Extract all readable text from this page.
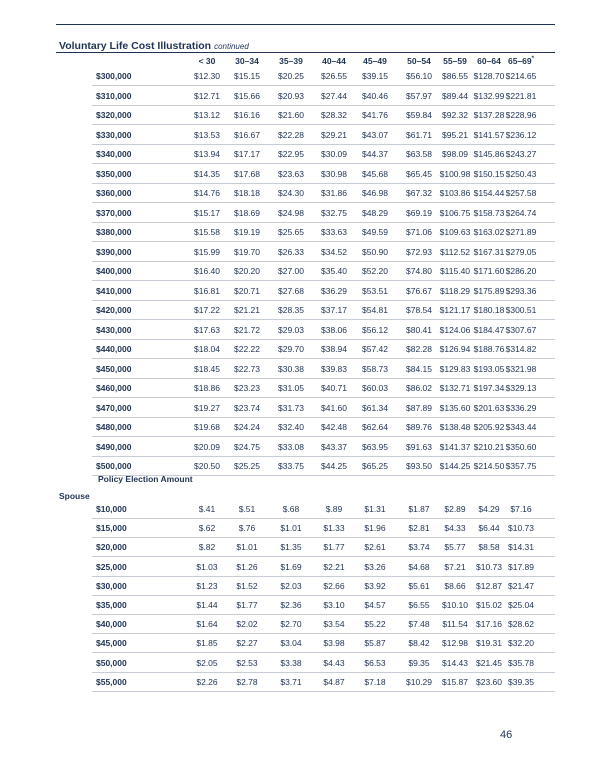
Voluntary Life Cost Illustration continued
< 30	30–34	35–39	40–44	45–49	50–54	55–59	60–64 65–69*
$300,000	$12.30	$15.15	$20.25	$26.55	$39.15	$56.10	$86.55 $128.70 $214.65
$310,000	$12.71	$15.66	$20.93	$27.44	$40.46	$57.97	$89.44 $132.99 $221.81
$320,000	$13.12	$16.16	$21.60	$28.32	$41.76	$59.84	$92.32 $137.28 $228.96
$330,000	$13.53	$16.67	$22.28	$29.21	$43.07	$61.71	$95.21 $141.57 $236.12
$340,000	$13.94	$17.17	$22.95	$30.09	$44.37	$63.58	$98.09 $145.86 $243.27
$350,000	$14.35	$17.68	$23.63	$30.98	$45.68	$65.45 $100.98 $150.15 $250.43
$360,000	$14.76	$18.18	$24.30	$31.86	$46.98	$67.32 $103.86 $154.44 $257.58
$370,000	$15.17	$18.69	$24.98	$32.75	$48.29	$69.19 $106.75 $158.73 $264.74
$380,000	$15.58	$19.19	$25.65	$33.63	$49.59	$71.06 $109.63 $163.02 $271.89
$390,000	$15.99	$19.70	$26.33	$34.52	$50.90	$72.93 $112.52 $167.31 $279.05
$400,000	$16.40	$20.20	$27.00	$35.40	$52.20	$74.80 $115.40 $171.60 $286.20
$410,000	$16.81	$20.71	$27.68	$36.29	$53.51	$76.67 $118.29 $175.89 $293.36
$420,000	$17.22	$21.21	$28.35	$37.17	$54.81	$78.54 $121.17 $180.18 $300.51
$430,000	$17.63	$21.72	$29.03	$38.06	$56.12	$80.41 $124.06 $184.47 $307.67
$440,000	$18.04	$22.22	$29.70	$38.94	$57.42	$82.28 $126.94 $188.76 $314.82
$450,000	$18.45	$22.73	$30.38	$39.83	$58.73	$84.15 $129.83 $193.05 $321.98
$460,000	$18.86	$23.23	$31.05	$40.71	$60.03	$86.02 $132.71 $197.34 $329.13
$470,000	$19.27	$23.74	$31.73	$41.60	$61.34	$87.89 $135.60 $201.63 $336.29
$480,000	$19.68	$24.24	$32.40	$42.48	$62.64	$89.76 $138.48 $205.92 $343.44
$490,000	$20.09	$24.75	$33.08	$43.37	$63.95	$91.63 $141.37 $210.21 $350.60
$500,000	$20.50	$25.25	$33.75	$44.25	$65.25	$93.50 $144.25 $214.50 $357.75
Policy Election Amount
Spouse
$10,000	$.41	$.51	$.68	$.89	$1.31	$1.87	$2.89	$4.29	$7.16
$15,000	$.62	$.76	$1.01	$1.33	$1.96	$2.81	$4.33	$6.44 $10.73
$20,000	$.82	$1.01	$1.35	$1.77	$2.61	$3.74	$5.77	$8.58 $14.31
$25,000	$1.03	$1.26	$1.69	$2.21	$3.26	$4.68	$7.21	$10.73 $17.89
$30,000	$1.23	$1.52	$2.03	$2.66	$3.92	$5.61	$8.66	$12.87 $21.47
$35,000	$1.44	$1.77	$2.36	$3.10	$4.57	$6.55	$10.10 $15.02 $25.04
$40,000	$1.64	$2.02	$2.70	$3.54	$5.22	$7.48	$11.54 $17.16 $28.62
$45,000	$1.85	$2.27	$3.04	$3.98	$5.87	$8.42	$12.98 $19.31 $32.20
$50,000	$2.05	$2.53	$3.38	$4.43	$6.53	$9.35	$14.43 $21.45 $35.78
$55,000	$2.26	$2.78	$3.71	$4.87	$7.18	$10.29	$15.87 $23.60 $39.35
46
